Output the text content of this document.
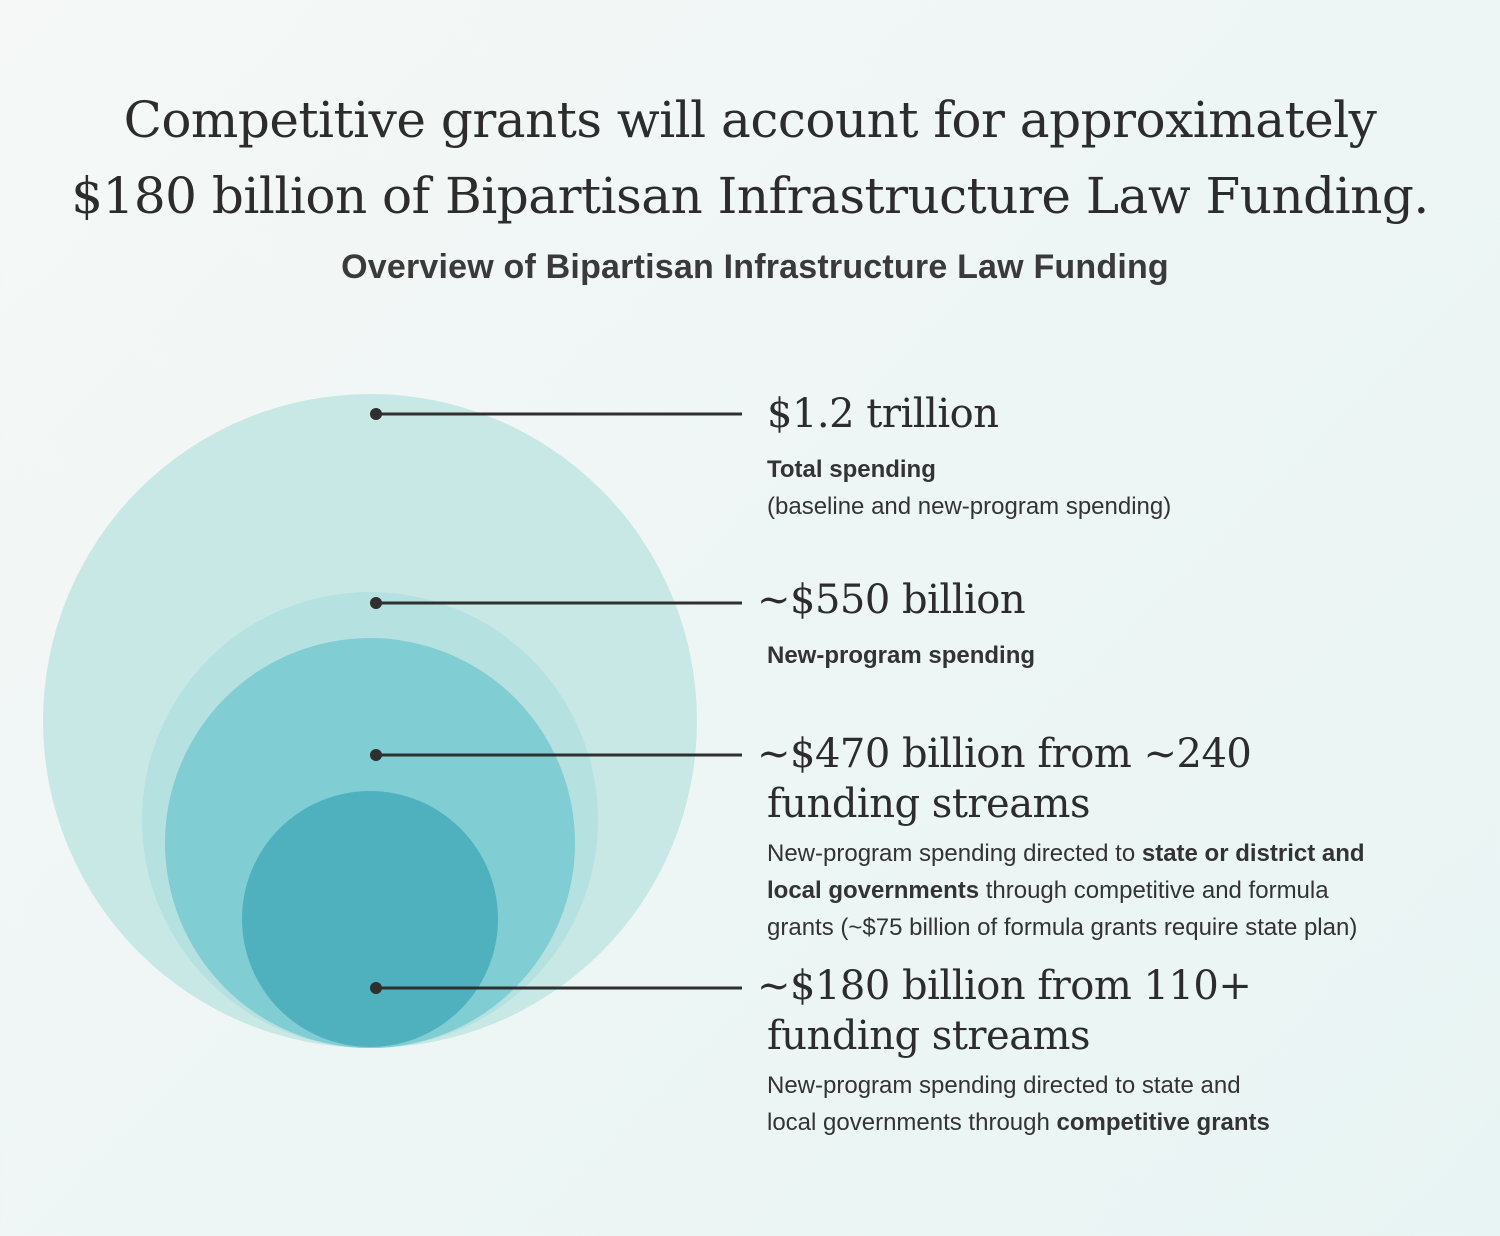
Competitive grants will account for approximately
$180 billion of Bipartisan Infrastructure Law Funding.
Overview of Bipartisan Infrastructure Law Funding
$1.2 trillion
Total spending
(baseline and new-program spending)
~$550 billion
New-program spending
~$470 billion from ~240
funding streams
New-program spending directed to state or district and
local governments through competitive and formula
grants (~$75 billion of formula grants require state plan)
~$180 billion from 110+
funding streams
New-program spending directed to state and
local governments through competitive grants
